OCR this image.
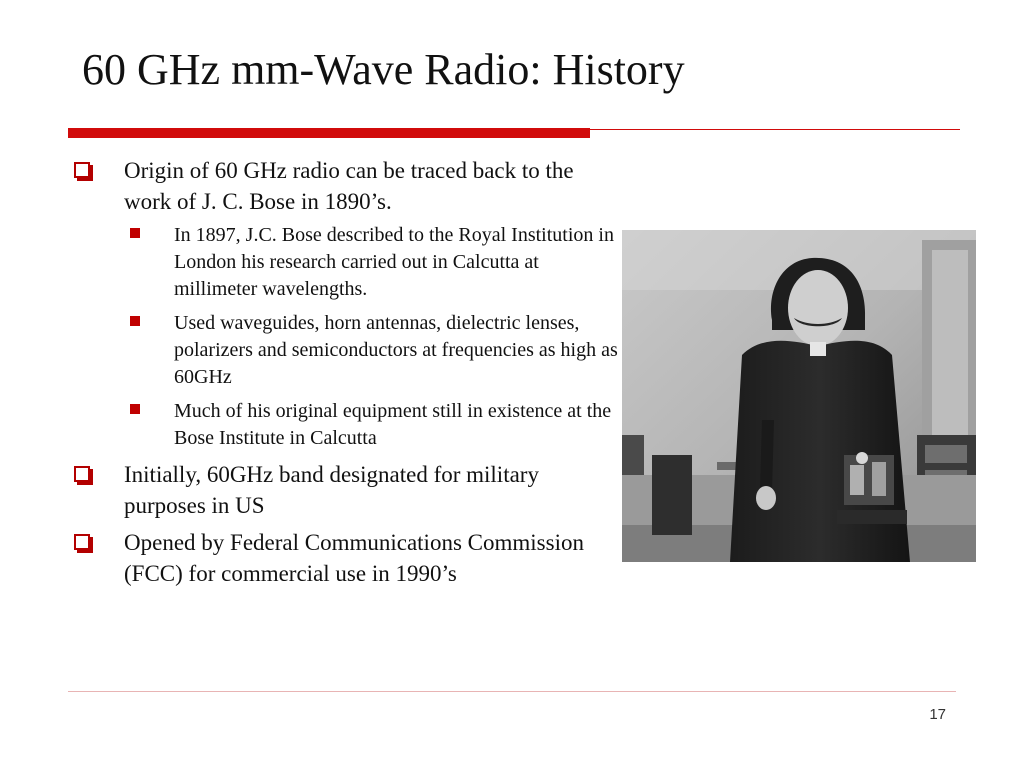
60 GHz mm-Wave Radio: History
Origin of 60 GHz radio can be traced back to the work of J. C. Bose in 1890’s.
In 1897, J.C. Bose described to the Royal Institution in London his research carried out in Calcutta at millimeter wavelengths.
Used waveguides, horn antennas, dielectric lenses, polarizers and semiconductors at frequencies as high as 60GHz
Much of his original equipment still in existence at the Bose Institute in Calcutta
Initially, 60GHz band designated for military purposes in US
Opened by Federal Communications Commission (FCC) for commercial use in 1990’s
17
